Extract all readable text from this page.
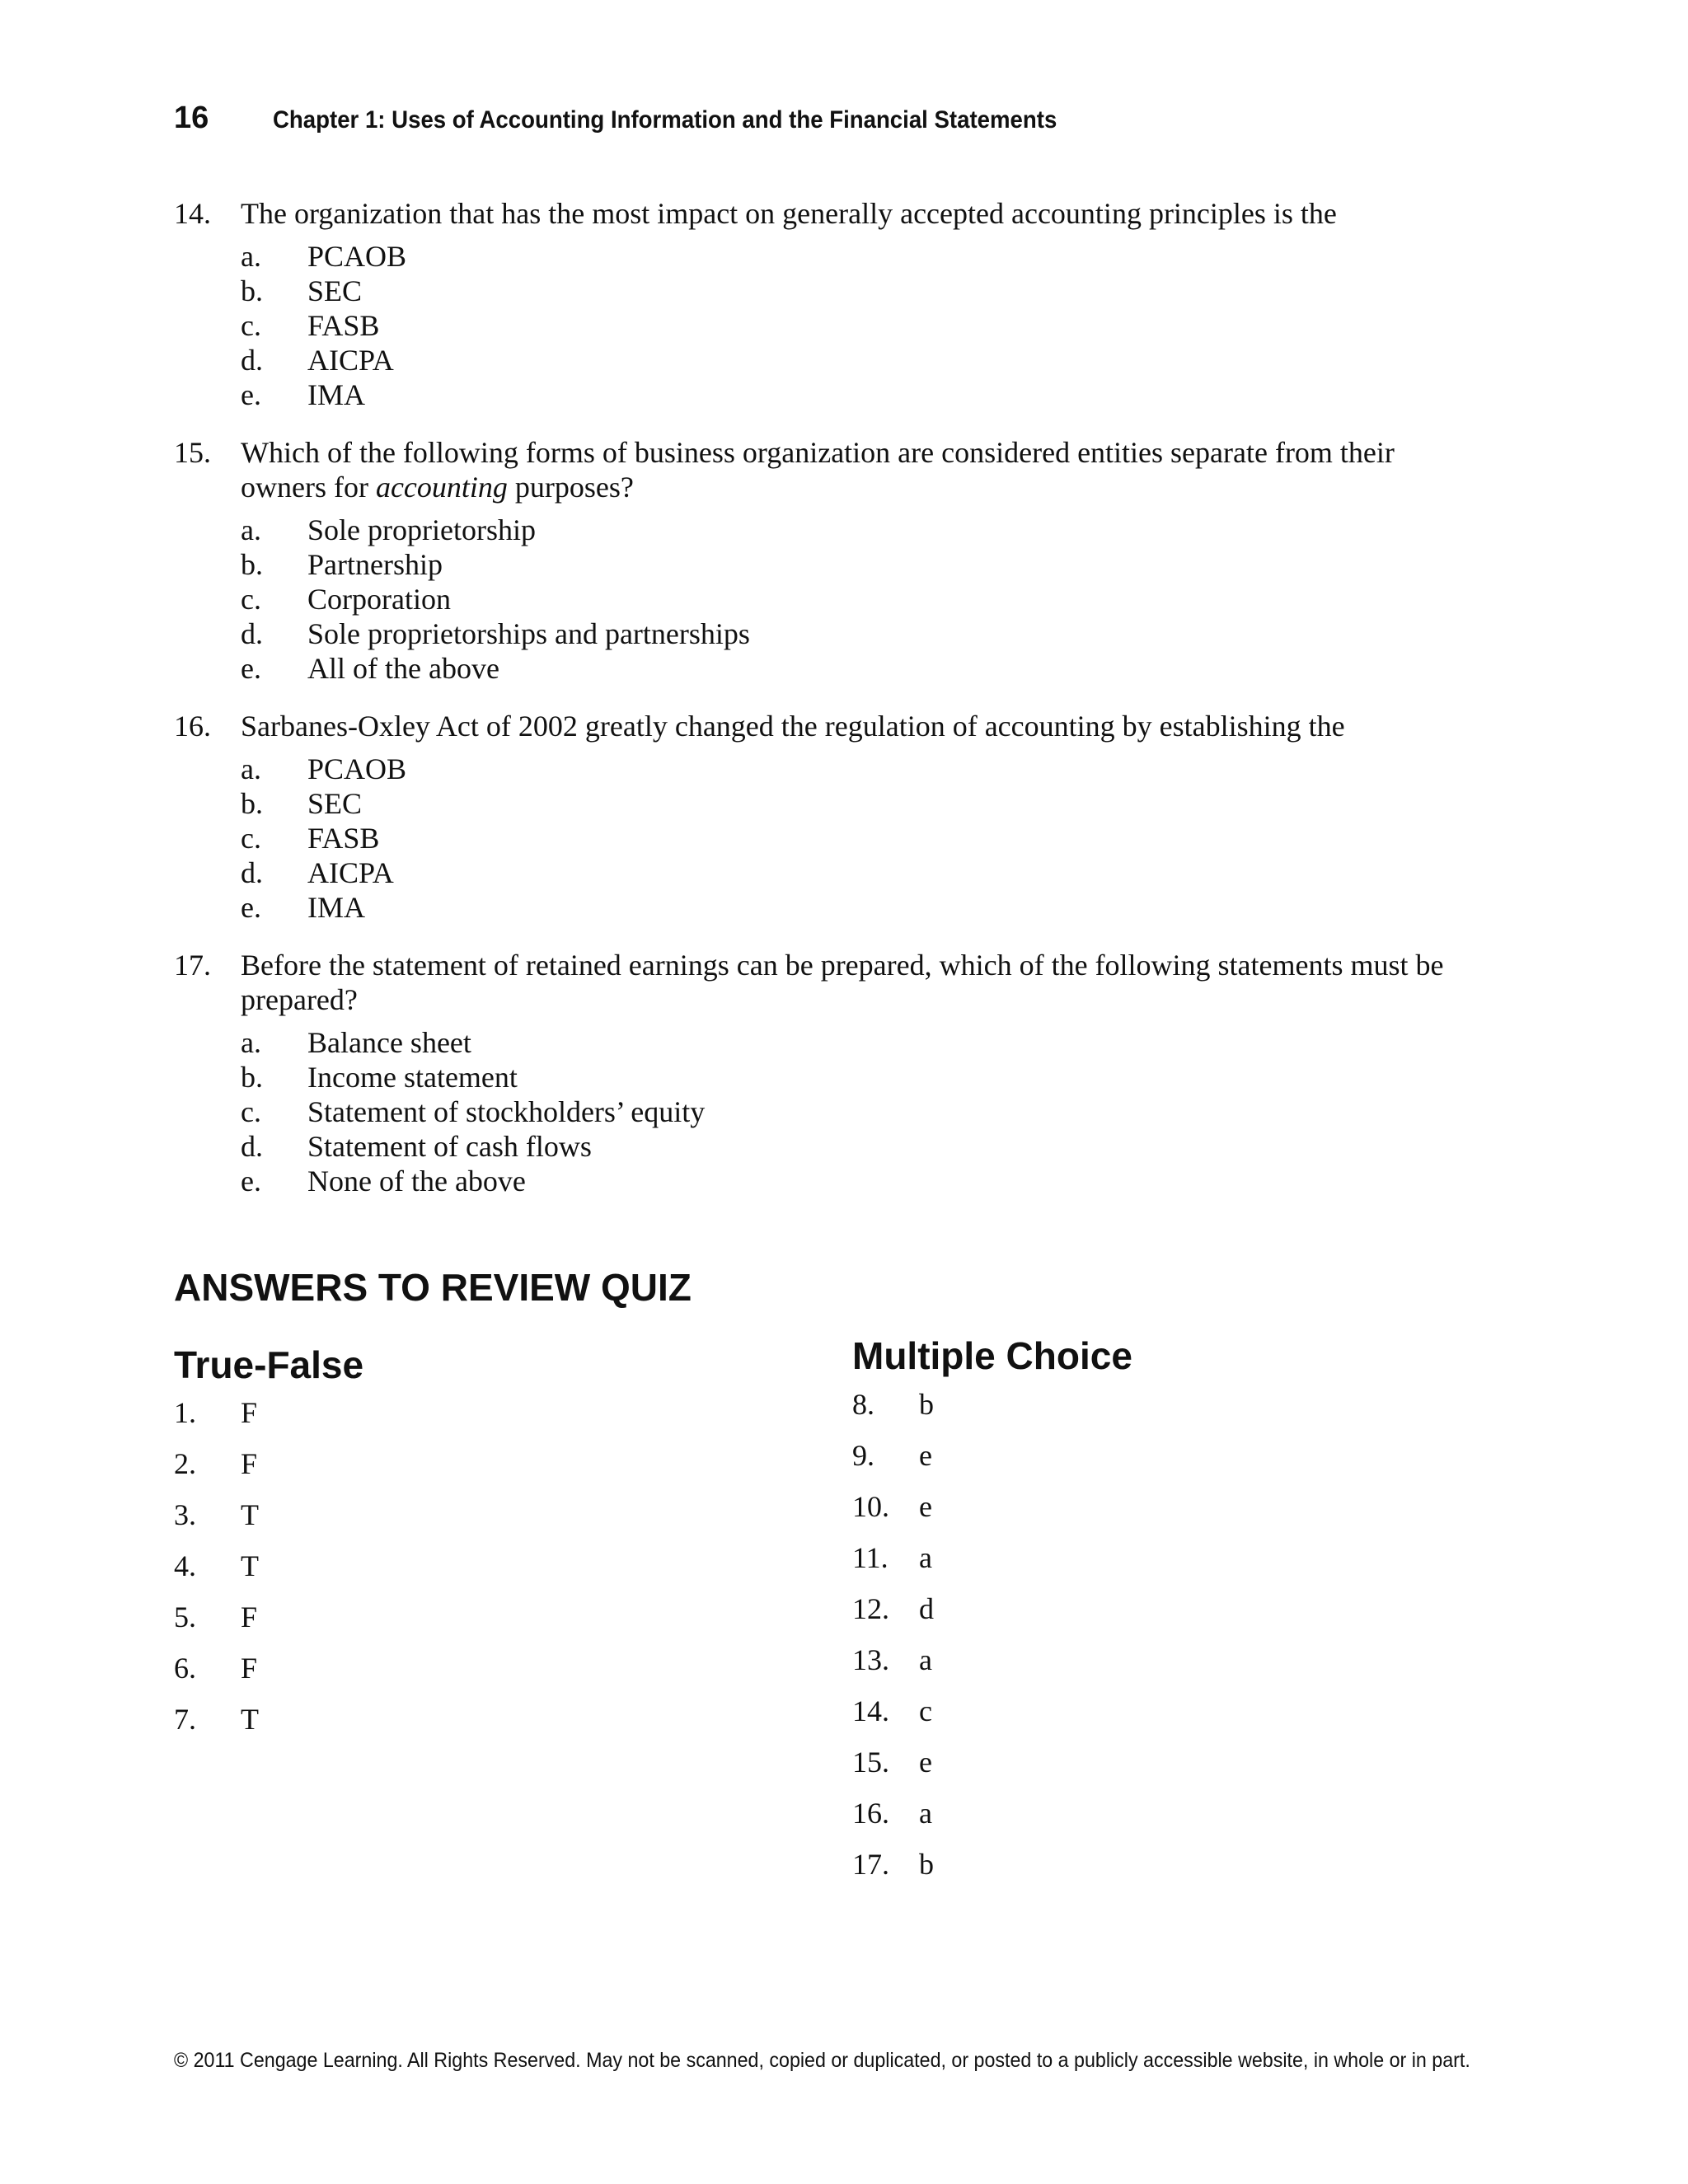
16	Chapter 1: Uses of Accounting Information and the Financial Statements
14.	The organization that has the most impact on generally accepted accounting principles is the
a.	PCAOB
b.	SEC
c.	FASB
d.	AICPA
e.	IMA
15.	Which of the following forms of business organization are considered entities separate from their owners for accounting purposes?
a.	Sole proprietorship
b.	Partnership
c.	Corporation
d.	Sole proprietorships and partnerships
e.	All of the above
16.	Sarbanes-Oxley Act of 2002 greatly changed the regulation of accounting by establishing the
a.	PCAOB
b.	SEC
c.	FASB
d.	AICPA
e.	IMA
17.	Before the statement of retained earnings can be prepared, which of the following statements must be prepared?
a.	Balance sheet
b.	Income statement
c.	Statement of stockholders’ equity
d.	Statement of cash flows
e.	None of the above
ANSWERS TO REVIEW QUIZ
True-False
1.	F
2.	F
3.	T
4.	T
5.	F
6.	F
7.	T
Multiple Choice
8.	b
9.	e
10.	e
11.	a
12.	d
13.	a
14.	c
15.	e
16.	a
17.	b
© 2011 Cengage Learning. All Rights Reserved. May not be scanned, copied or duplicated, or posted to a publicly accessible website, in whole or in part.
